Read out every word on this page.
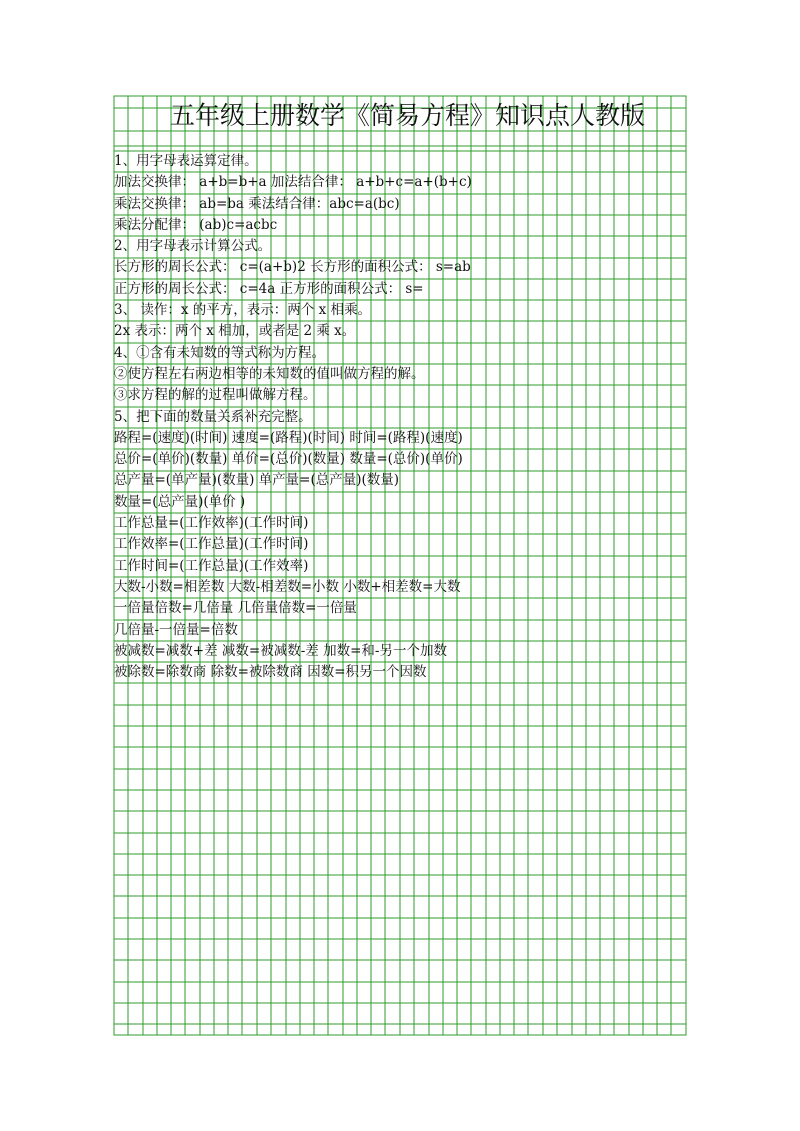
五年级上册数学《简易方程》知识点人教版
1、用字母表运算定律。
加法交换律： a+b=b+a 加法结合律： a+b+c=a+(b+c)
乘法交换律： ab=ba 乘法结合律：abc=a(bc)
乘法分配律： (ab)c=acbc
2、用字母表示计算公式。
长方形的周长公式： c=(a+b)2 长方形的面积公式： s=ab
正方形的周长公式： c=4a 正方形的面积公式： s=
3、 读作：x 的平方，表示：两个 x 相乘。
2x 表示：两个 x 相加，或者是 2 乘 x。
4、①含有未知数的等式称为方程。
②使方程左右两边相等的未知数的值叫做方程的解。
③求方程的解的过程叫做解方程。
5、把下面的数量关系补充完整。
路程=(速度)(时间) 速度=(路程)(时间) 时间=(路程)(速度)
总价=(单价)(数量) 单价=(总价)(数量) 数量=(总价)(单价)
总产量=(单产量)(数量) 单产量=(总产量)(数量)
数量=(总产量)(单价 )
工作总量=(工作效率)(工作时间)
工作效率=(工作总量)(工作时间)
工作时间=(工作总量)(工作效率)
大数-小数=相差数 大数-相差数=小数 小数+相差数=大数
一倍量倍数=几倍量 几倍量倍数=一倍量
几倍量-一倍量=倍数
被减数=减数+差 减数=被减数-差 加数=和-另一个加数
被除数=除数商 除数=被除数商 因数=积另一个因数
